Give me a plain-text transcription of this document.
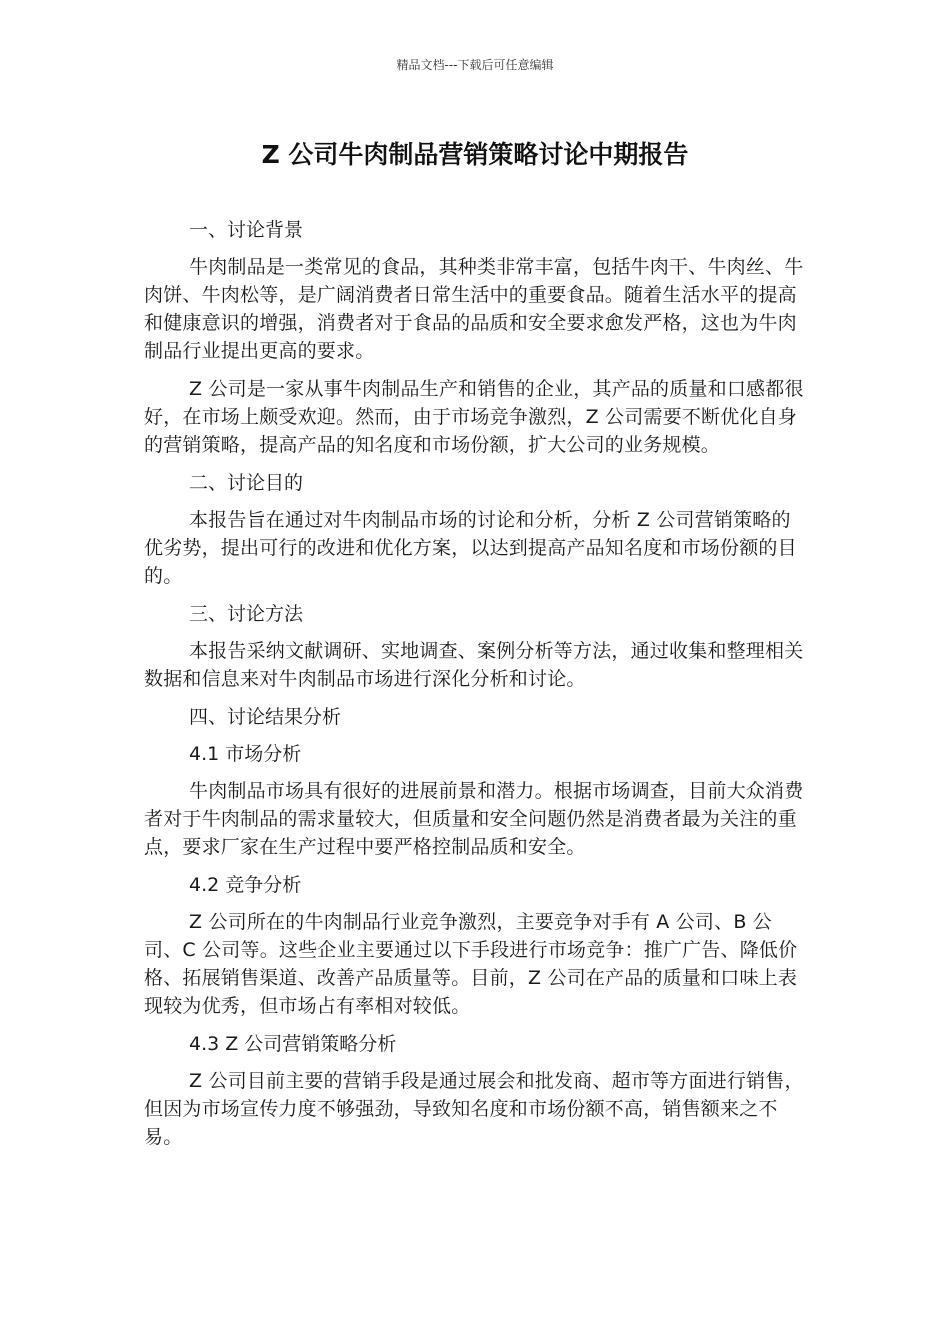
精品文档---下载后可任意编辑
Z 公司牛肉制品营销策略讨论中期报告

一、讨论背景

牛肉制品是一类常见的食品，其种类非常丰富，包括牛肉干、牛肉丝、牛肉饼、牛肉松等，是广阔消费者日常生活中的重要食品。随着生活水平的提高和健康意识的增强，消费者对于食品的品质和安全要求愈发严格，这也为牛肉制品行业提出更高的要求。

Z 公司是一家从事牛肉制品生产和销售的企业，其产品的质量和口感都很好，在市场上颇受欢迎。然而，由于市场竞争激烈，Z 公司需要不断优化自身的营销策略，提高产品的知名度和市场份额，扩大公司的业务规模。

二、讨论目的

本报告旨在通过对牛肉制品市场的讨论和分析，分析 Z 公司营销策略的优劣势，提出可行的改进和优化方案，以达到提高产品知名度和市场份额的目的。

三、讨论方法

本报告采纳文献调研、实地调查、案例分析等方法，通过收集和整理相关数据和信息来对牛肉制品市场进行深化分析和讨论。

四、讨论结果分析

4.1 市场分析

牛肉制品市场具有很好的进展前景和潜力。根据市场调查，目前大众消费者对于牛肉制品的需求量较大，但质量和安全问题仍然是消费者最为关注的重点，要求厂家在生产过程中要严格控制品质和安全。

4.2 竞争分析

Z 公司所在的牛肉制品行业竞争激烈，主要竞争对手有 A 公司、B 公司、C 公司等。这些企业主要通过以下手段进行市场竞争：推广广告、降低价格、拓展销售渠道、改善产品质量等。目前，Z 公司在产品的质量和口味上表现较为优秀，但市场占有率相对较低。

4.3 Z 公司营销策略分析

Z 公司目前主要的营销手段是通过展会和批发商、超市等方面进行销售，但因为市场宣传力度不够强劲，导致知名度和市场份额不高，销售额来之不易。
